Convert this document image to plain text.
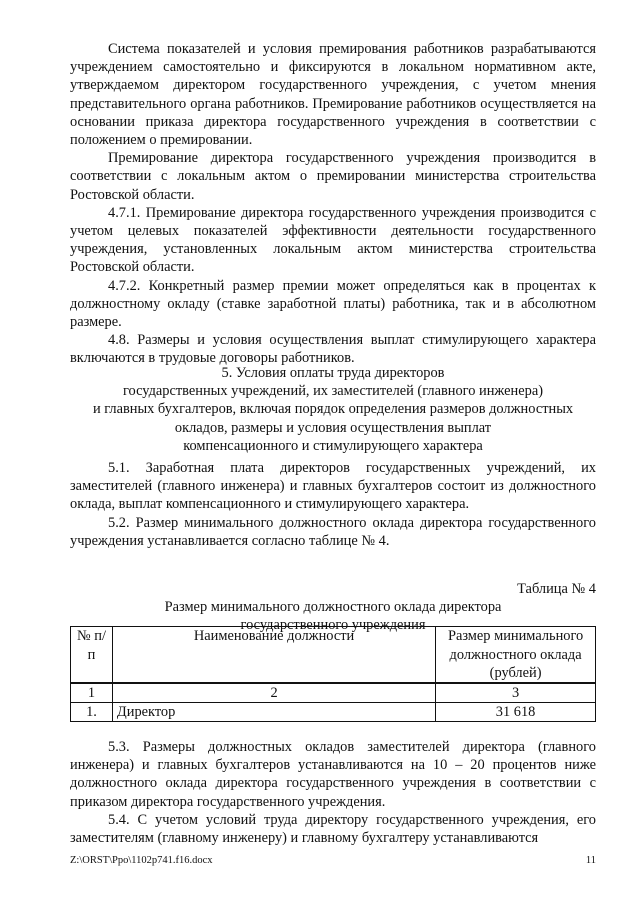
Система показателей и условия премирования работников разрабатываются учреждением самостоятельно и фиксируются в локальном нормативном акте, утверждаемом директором государственного учреждения, с учетом мнения представительного органа работников. Премирование работников осуществляется на основании приказа директора государственного учреждения в соответствии с положением о премировании.

Премирование директора государственного учреждения производится в соответствии с локальным актом о премировании министерства строительства Ростовской области.

4.7.1. Премирование директора государственного учреждения производится с учетом целевых показателей эффективности деятельности государственного учреждения, установленных локальным актом министерства строительства Ростовской области.

4.7.2. Конкретный размер премии может определяться как в процентах к должностному окладу (ставке заработной платы) работника, так и в абсолютном размере.

4.8. Размеры и условия осуществления выплат стимулирующего характера включаются в трудовые договоры работников.

5. Условия оплаты труда директоров

государственных учреждений, их заместителей (главного инженера)

и главных бухгалтеров, включая порядок определения размеров должностных

окладов, размеры и условия осуществления выплат

компенсационного и стимулирующего характера

5.1. Заработная плата директоров государственных учреждений, их заместителей (главного инженера) и главных бухгалтеров состоит из должностного оклада, выплат компенсационного и стимулирующего характера.

5.2. Размер минимального должностного оклада директора государственного учреждения устанавливается согласно таблице № 4.

Таблица № 4

Размер минимального должностного оклада директора

государственного учреждения

№ п/п	Наименование должности	Размер минимального должностного оклада (рублей)
1	2	3
1.	Директор	31 618

5.3. Размеры должностных окладов заместителей директора (главного инженера) и главных бухгалтеров устанавливаются на 10 – 20 процентов ниже должностного оклада директора государственного учреждения в соответствии с приказом директора государственного учреждения.

5.4. С учетом условий труда директору государственного учреждения, его заместителям (главному инженеру) и главному бухгалтеру устанавливаются

Z:\ORST\Ppo\1102p741.f16.docx	11
